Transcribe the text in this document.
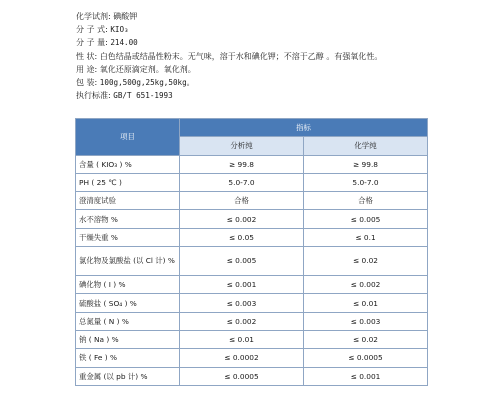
化学试剂: 碘酸钾
分 子 式: KIO₃
分 子 量: 214.00
性 状: 白色结晶或结晶性粉末。无气味，溶于水和碘化钾；不溶于乙醇 。有强氧化性。
用 途: 氧化还原滴定剂。氧化剂。
包 装: 100g,500g,25kg,50kg。
执行标准: GB/T 651-1993
项目	指标	
	分析纯	化学纯
含量 ( KIO₃ ) %	≥ 99.8	≥ 99.8
PH ( 25 ℃ )	5.0-7.0	5.0-7.0
澄清度试验	合格	合格
水不溶物 %	≤ 0.002	≤ 0.005
干燥失重 %	≤ 0.05	≤ 0.1
氯化物及氯酸盐 (以 Cl 计) %	≤ 0.005	≤ 0.02
碘化物 ( I ) %	≤ 0.001	≤ 0.002
硫酸盐 ( SO₄ ) %	≤ 0.003	≤ 0.01
总氮量 ( N ) %	≤ 0.002	≤ 0.003
钠 ( Na ) %	≤ 0.01	≤ 0.02
铁 ( Fe ) %	≤ 0.0002	≤ 0.0005
重金属 (以 pb 计) %	≤ 0.0005	≤ 0.001
